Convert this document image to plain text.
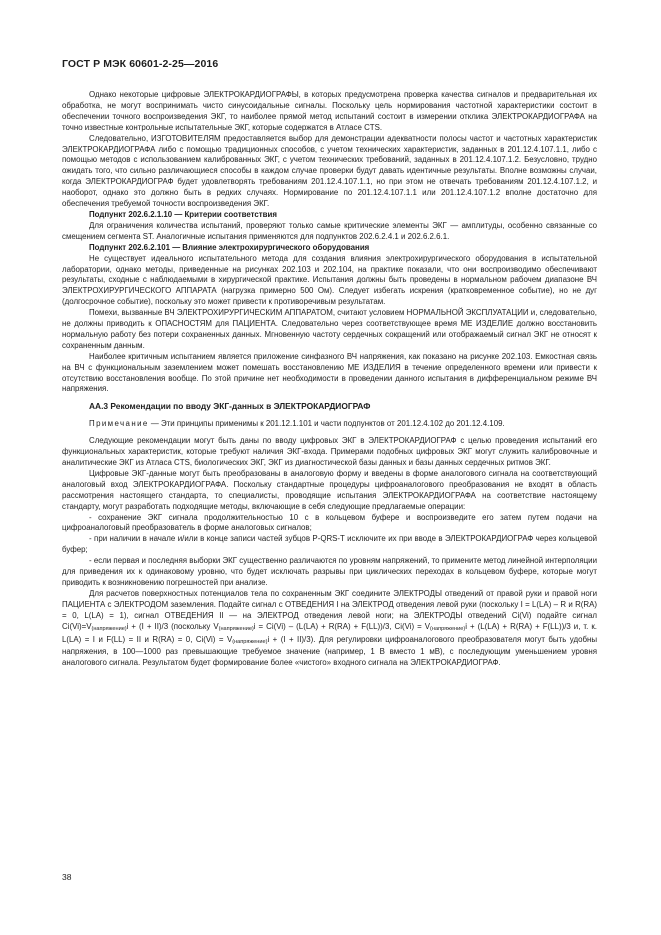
ГОСТ Р МЭК 60601-2-25—2016

Однако некоторые цифровые ЭЛЕКТРОКАРДИОГРАФЫ, в которых предусмотрена проверка качества сигналов и предварительная их обработка, не могут воспринимать чисто синусоидальные сигналы. Поскольку цель нормирования частотной характеристики состоит в обеспечении точного воспроизведения ЭКГ, то наиболее прямой метод испытаний состоит в измерении отклика ЭЛЕКТРОКАРДИОГРАФА на точно известные контрольные испытательные ЭКГ, которые содержатся в Атласе CTS.

Следовательно, ИЗГОТОВИТЕЛЯМ предоставляется выбор для демонстрации адекватности полосы частот и частотных характеристик ЭЛЕКТРОКАРДИОГРАФА либо с помощью традиционных способов, с учетом технических характеристик, заданных в 201.12.4.107.1.1, либо с помощью методов с использованием калиброванных ЭКГ, с учетом технических требований, заданных в 201.12.4.107.1.2. Безусловно, трудно ожидать того, что сильно различающиеся способы в каждом случае проверки будут давать идентичные результаты. Вполне возможны случаи, когда ЭЛЕКТРОКАРДИОГРАФ будет удовлетворять требованиям 201.12.4.107.1.1, но при этом не отвечать требованиям 201.12.4.107.1.2, и наоборот, однако это должно быть в редких случаях. Нормирование по 201.12.4.107.1.1 или 201.12.4.107.1.2 вполне достаточно для обеспечения требуемой точности воспроизведения ЭКГ.

Подпункт 202.6.2.1.10 — Критерии соответствия

Для ограничения количества испытаний, проверяют только самые критические элементы ЭКГ — амплитуды, особенно связанные со смещением сегмента ST. Аналогичные испытания применяются для подпунктов 202.6.2.4.1 и 202.6.2.6.1.

Подпункт 202.6.2.101 — Влияние электрохирургического оборудования

Не существует идеального испытательного метода для создания влияния электрохирургического оборудования в испытательной лаборатории, однако методы, приведенные на рисунках 202.103 и 202.104, на практике показали, что они воспроизводимо обеспечивают результаты, сходные с наблюдаемыми в хирургической практике. Испытания должны быть проведены в нормальном рабочем диапазоне ВЧ ЭЛЕКТРОХИРУРГИЧЕСКОГО АППАРАТА (нагрузка примерно 500 Ом). Следует избегать искрения (кратковременное событие), но не дуг (долгосрочное событие), поскольку это может привести к противоречивым результатам.

Помехи, вызванные ВЧ ЭЛЕКТРОХИРУРГИЧЕСКИМ АППАРАТОМ, считают условием НОРМАЛЬНОЙ ЭКСПЛУАТАЦИИ и, следовательно, не должны приводить к ОПАСНОСТЯМ для ПАЦИЕНТА. Следовательно через соответствующее время МЕ ИЗДЕЛИЕ должно восстановить нормальную работу без потери сохраненных данных. Мгновенную частоту сердечных сокращений или отображаемый сигнал ЭКГ не относят к сохраненным данным.

Наиболее критичным испытанием является приложение синфазного ВЧ напряжения, как показано на рисунке 202.103. Емкостная связь на ВЧ с функциональным заземлением может помешать восстановлению МЕ ИЗДЕЛИЯ в течение определенного времени или привести к отсутствию восстановления вообще. По этой причине нет необходимости в проведении данного испытания в дифференциальном режиме ВЧ напряжения.

АА.3 Рекомендации по вводу ЭКГ-данных в ЭЛЕКТРОКАРДИОГРАФ

Примечание — Эти принципы применимы к 201.12.1.101 и части подпунктов от 201.12.4.102 до 201.12.4.109.

Следующие рекомендации могут быть даны по вводу цифровых ЭКГ в ЭЛЕКТРОКАРДИОГРАФ с целью проведения испытаний его функциональных характеристик, которые требуют наличия ЭКГ-входа. Примерами подобных цифровых ЭКГ могут служить калибровочные и аналитические ЭКГ из Атласа CTS, биологических ЭКГ, ЭКГ из диагностической базы данных и базы данных сердечных ритмов ЭКГ.

Цифровые ЭКГ-данные могут быть преобразованы в аналоговую форму и введены в форме аналогового сигнала на соответствующий аналоговый вход ЭЛЕКТРОКАРДИОГРАФА. Поскольку стандартные процедуры цифроаналогового преобразования не входят в область рассмотрения настоящего стандарта, то специалисты, проводящие испытания ЭЛЕКТРОКАРДИОГРАФА на соответствие настоящему стандарту, могут разработать подходящие методы, включающие в себя следующие предлагаемые операции:

- сохранение ЭКГ сигнала продолжительностью 10 с в кольцевом буфере и воспроизведите его затем путем подачи на цифроаналоговый преобразователь в форме аналоговых сигналов;

- при наличии в начале и/или в конце записи частей зубцов P-QRS-T исключите их при вводе в ЭЛЕКТРОКАРДИОГРАФ через кольцевой буфер;

- если первая и последняя выборки ЭКГ существенно различаются по уровням напряжений, то примените метод линейной интерполяции для приведения их к одинаковому уровню, что будет исключать разрывы при циклических переходах в кольцевом буфере, которые могут приводить к возникновению погрешностей при анализе.

Для расчетов поверхностных потенциалов тела по сохраненным ЭКГ соедините ЭЛЕКТРОДЫ отведений от правой руки и правой ноги ПАЦИЕНТА с ЭЛЕКТРОДОМ заземления. Подайте сигнал с ОТВЕДЕНИЯ I на ЭЛЕКТРОД отведения левой руки (поскольку I = L(LA) – R и R(RA) = 0, L(LA) = 1), сигнал ОТВЕДЕНИЯ II — на ЭЛЕКТРОД отведения левой ноги; на ЭЛЕКТРОДЫ отведений Ci(Vi) подайте сигнал Ci(Vi)=V(напряжение)i + (I + II)/3 (поскольку V(напряжение)i = Ci(Vi) – (L(LA) + R(RA) + F(LL))/3, Ci(Vi) = V(напряжение)i + (L(LA) + R(RA) + F(LL))/3 и, т. к. L(LA) = I и F(LL) = II и R(RA) = 0, Ci(Vi) = V(напряжение)i + (I + II)/3). Для регулировки цифроаналогового преобразователя могут быть удобны напряжения, в 100—1000 раз превышающие требуемое значение (например, 1 В вместо 1 мВ), с последующим уменьшением уровня аналогового сигнала. Результатом будет формирование более «чистого» входного сигнала на ЭЛЕКТРОКАРДИОГРАФ.

38
